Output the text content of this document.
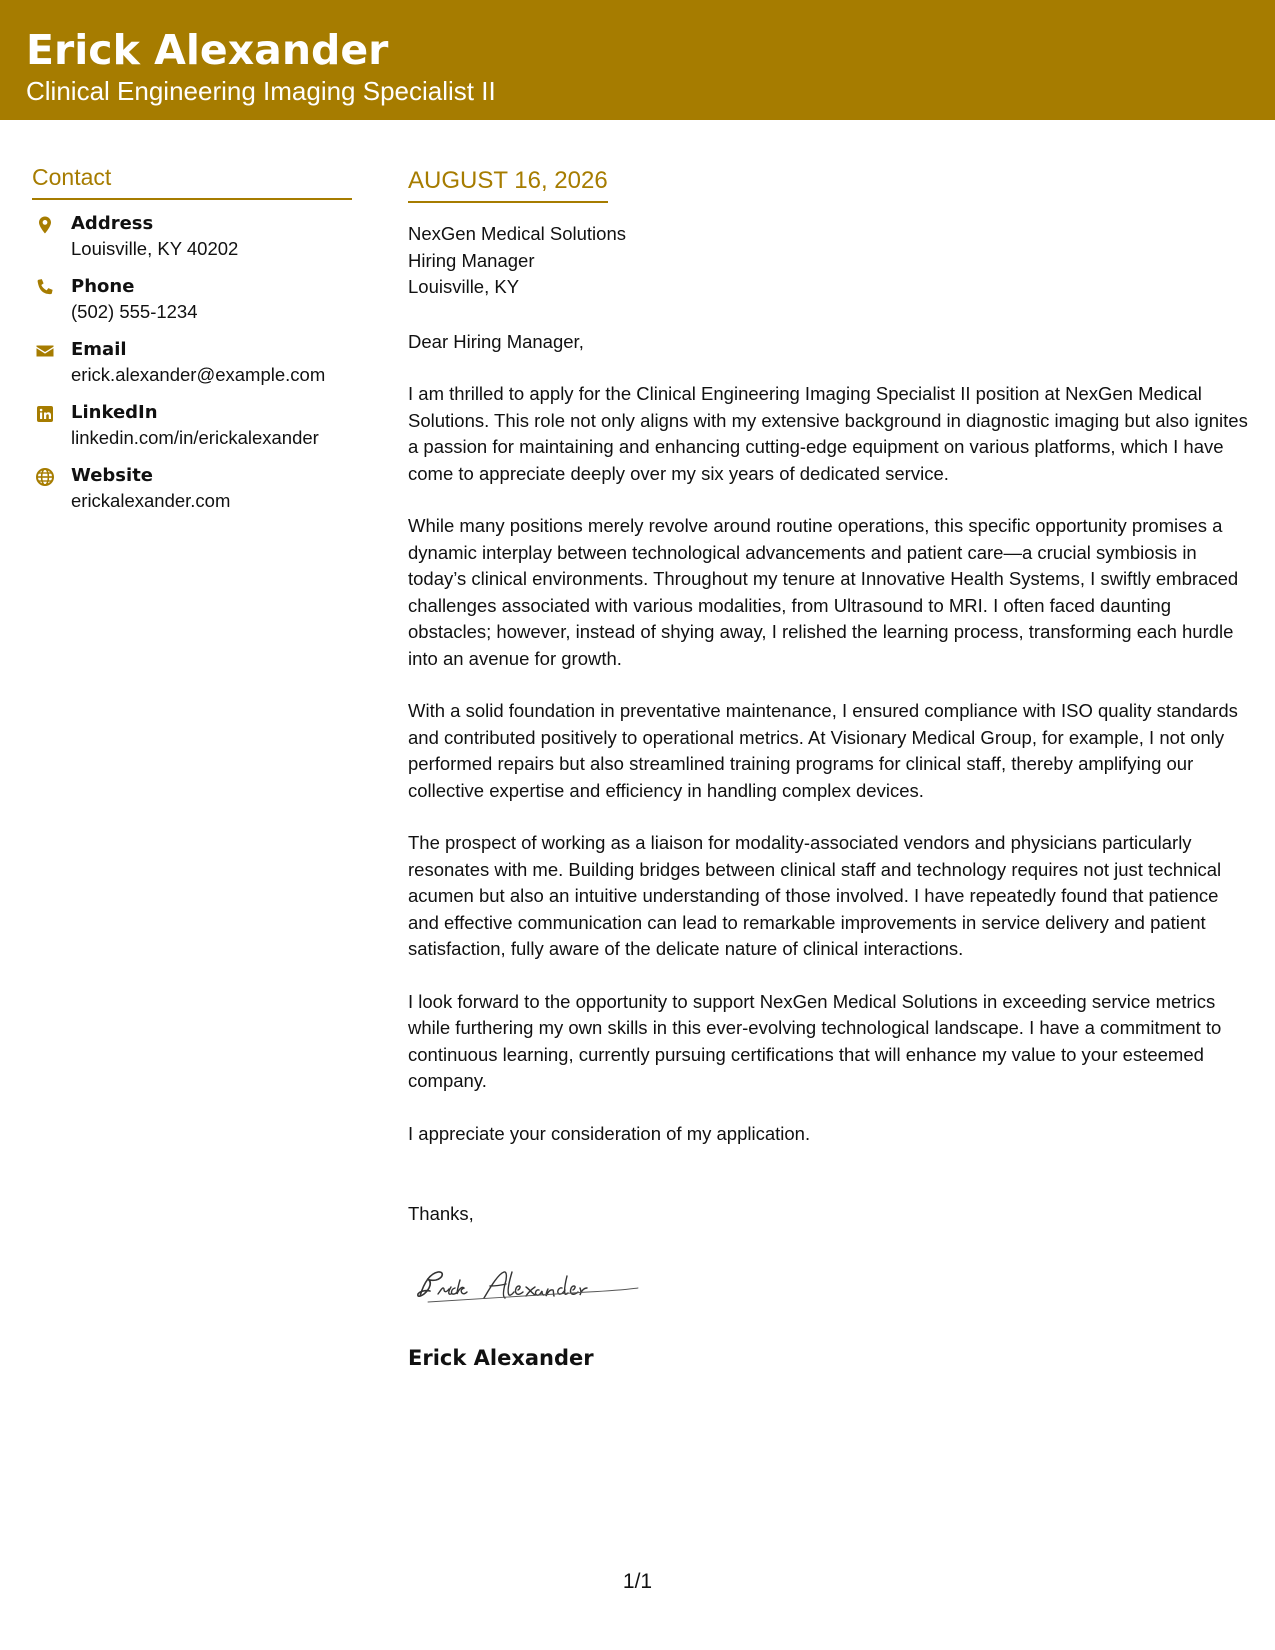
Erick Alexander
Clinical Engineering Imaging Specialist II
Contact
Address
Louisville, KY 40202
Phone
(502) 555-1234
Email
erick.alexander@example.com
LinkedIn
linkedin.com/in/erickalexander
Website
erickalexander.com
AUGUST 16, 2026
NexGen Medical Solutions
Hiring Manager
Louisville, KY
Dear Hiring Manager,
I am thrilled to apply for the Clinical Engineering Imaging Specialist II position at NexGen Medical Solutions. This role not only aligns with my extensive background in diagnostic imaging but also ignites a passion for maintaining and enhancing cutting-edge equipment on various platforms, which I have come to appreciate deeply over my six years of dedicated service.
While many positions merely revolve around routine operations, this specific opportunity promises a dynamic interplay between technological advancements and patient care—a crucial symbiosis in today’s clinical environments. Throughout my tenure at Innovative Health Systems, I swiftly embraced challenges associated with various modalities, from Ultrasound to MRI. I often faced daunting obstacles; however, instead of shying away, I relished the learning process, transforming each hurdle into an avenue for growth.
With a solid foundation in preventative maintenance, I ensured compliance with ISO quality standards and contributed positively to operational metrics. At Visionary Medical Group, for example, I not only performed repairs but also streamlined training programs for clinical staff, thereby amplifying our collective expertise and efficiency in handling complex devices.
The prospect of working as a liaison for modality-associated vendors and physicians particularly resonates with me. Building bridges between clinical staff and technology requires not just technical acumen but also an intuitive understanding of those involved. I have repeatedly found that patience and effective communication can lead to remarkable improvements in service delivery and patient satisfaction, fully aware of the delicate nature of clinical interactions.
I look forward to the opportunity to support NexGen Medical Solutions in exceeding service metrics while furthering my own skills in this ever-evolving technological landscape. I have a commitment to continuous learning, currently pursuing certifications that will enhance my value to your esteemed company.
I appreciate your consideration of my application.
Thanks,
Erick Alexander
1/1
